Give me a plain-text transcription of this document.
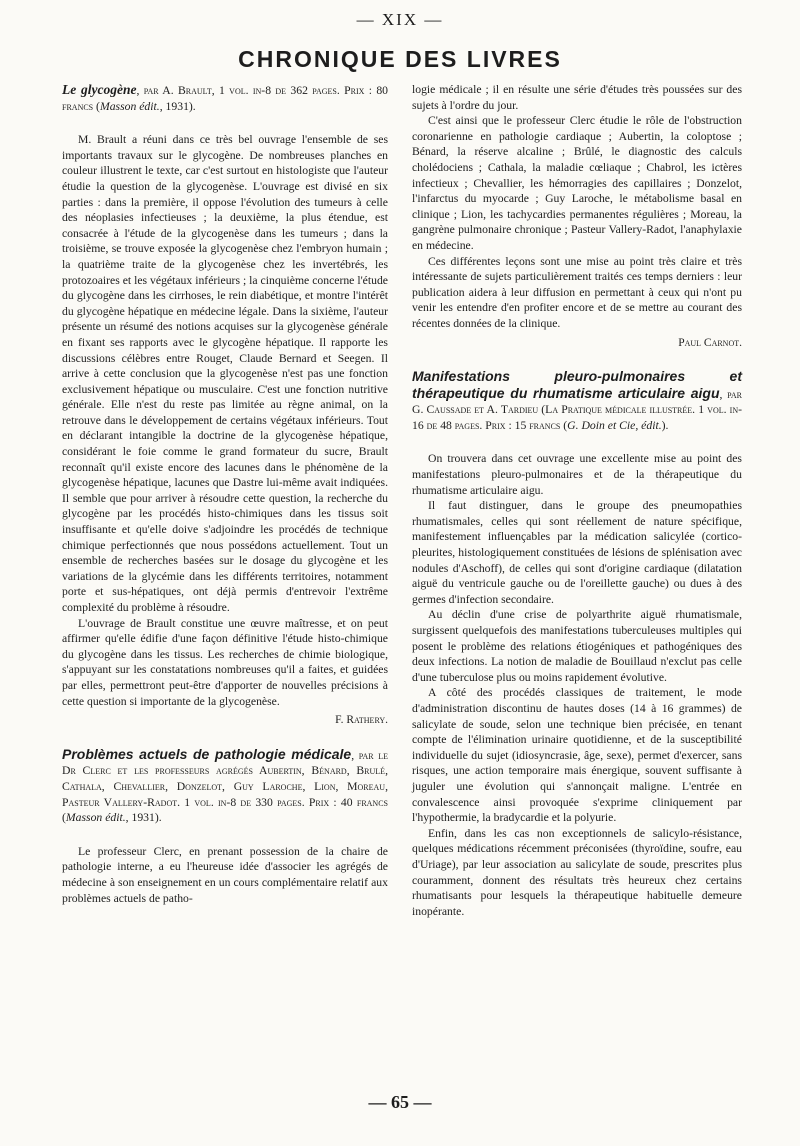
— XIX —
CHRONIQUE DES LIVRES
Le glycogène, par A. Brault, 1 vol. in-8 de 362 pages. Prix : 80 francs (Masson édit., 1931).

M. Brault a réuni dans ce très bel ouvrage l'ensemble de ses importants travaux sur le glycogène. De nombreuses planches en couleur illustrent le texte, car c'est surtout en histologiste que l'auteur étudie la question de la glycogenèse. L'ouvrage est divisé en six parties : dans la première, il oppose l'évolution des tumeurs à celle des néoplasies infectieuses ; la deuxième, la plus étendue, est consacrée à l'étude de la glycogenèse dans les tumeurs ; dans la troisième, se trouve exposée la glycogenèse chez l'embryon humain ; la quatrième traite de la glycogenèse chez les invertébrés, les protozoaires et les végétaux inférieurs ; la cinquième concerne l'étude du glycogène dans les cirrhoses, le rein diabétique, et montre l'intérêt du glycogène hépatique en médecine légale. Dans la sixième, l'auteur présente un résumé des notions acquises sur la glycogenèse générale en fixant ses rapports avec le glycogène hépatique. Il rapporte les discussions célèbres entre Rouget, Claude Bernard et Seegen. Il arrive à cette conclusion que la glycogenèse n'est pas une fonction exclusivement hépatique ou musculaire. C'est une fonction nutritive générale. Elle n'est du reste pas limitée au règne animal, on la retrouve dans le développement de certains végétaux inférieurs. Tout en déclarant intangible la doctrine de la glycogenèse hépatique, considérant le foie comme le grand formateur du sucre, Brault reconnaît qu'il existe encore des lacunes dans le phénomène de la glycogenèse hépatique, lacunes que Dastre lui-même avait indiquées. Il semble que pour arriver à résoudre cette question, la recherche du glycogène par les procédés histo-chimiques dans les tissus soit insuffisante et qu'elle doive s'adjoindre les procédés de technique chimique perfectionnés que nous possédons actuellement. Tout un ensemble de recherches basées sur le dosage du glycogène et les variations de la glycémie dans les différents territoires, notamment porte et sus-hépatiques, ont déjà permis d'entrevoir l'extrême complexité du problème à résoudre.

L'ouvrage de Brault constitue une œuvre maîtresse, et on peut affirmer qu'elle édifie d'une façon définitive l'étude histo-chimique du glycogène dans les tissus. Les recherches de chimie biologique, s'appuyant sur les constatations nombreuses qu'il a faites, et guidées par elles, permettront peut-être d'apporter de nouvelles précisions à cette question si importante de la glycogenèse.

F. Rathery.
Problèmes actuels de pathologie médicale, par le Dr Clerc et les professeurs agrégés Aubertin, Bénard, Brulé, Cathala, Chevallier, Donzelot, Guy Laroche, Lion, Moreau, Pasteur Vallery-Radot. 1 vol. in-8 de 330 pages. Prix : 40 francs (Masson édit., 1931).

Le professeur Clerc, en prenant possession de la chaire de pathologie interne, a eu l'heureuse idée d'associer les agrégés de médecine à son enseignement en un cours complémentaire relatif aux problèmes actuels de patho-

logie médicale ; il en résulte une série d'études très poussées sur des sujets à l'ordre du jour.

C'est ainsi que le professeur Clerc étudie le rôle de l'obstruction coronarienne en pathologie cardiaque ; Aubertin, la coloptose ; Bénard, la réserve alcaline ; Brûlé, le diagnostic des calculs cholédociens ; Cathala, la maladie cœliaque ; Chabrol, les ictères infectieux ; Chevallier, les hémorragies des capillaires ; Donzelot, l'infarctus du myocarde ; Guy Laroche, le métabolisme basal en clinique ; Lion, les tachycardies permanentes régulières ; Moreau, la gangrène pulmonaire chronique ; Pasteur Vallery-Radot, l'anaphylaxie en médecine.

Ces différentes leçons sont une mise au point très claire et très intéressante de sujets particulièrement traités ces temps derniers : leur publication aidera à leur diffusion en permettant à ceux qui n'ont pu venir les entendre d'en profiter encore et de se mettre au courant des récentes données de la clinique.

Paul Carnot.
Manifestations pleuro-pulmonaires et thérapeutique du rhumatisme articulaire aigu, par G. Caussade et A. Tardieu (La Pratique médicale illustrée. 1 vol. in-16 de 48 pages. Prix : 15 francs (G. Doin et Cie, édit.).

On trouvera dans cet ouvrage une excellente mise au point des manifestations pleuro-pulmonaires et de la thérapeutique du rhumatisme articulaire aigu.

Il faut distinguer, dans le groupe des pneumopathies rhumatismales, celles qui sont réellement de nature spécifique, manifestement influençables par la médication salicylée (cortico-pleurites, histologiquement constituées de lésions de splénisation avec nodules d'Aschoff), de celles qui sont d'origine cardiaque (dilatation aiguë du ventricule gauche ou de l'oreillette gauche) ou dues à des germes d'infection secondaire.

Au déclin d'une crise de polyarthrite aiguë rhumatismale, surgissent quelquefois des manifestations tuberculeuses multiples qui posent le problème des relations étiogéniques et pathogéniques des deux infections. La notion de maladie de Bouillaud n'exclut pas celle d'une tuberculose plus ou moins rapidement évolutive.

A côté des procédés classiques de traitement, le mode d'administration discontinu de hautes doses (14 à 16 grammes) de salicylate de soude, selon une technique bien précisée, en tenant compte de l'élimination urinaire quotidienne, et de la susceptibilité individuelle du sujet (idiosyncrasie, âge, sexe), permet d'exercer, sans risques, une action temporaire mais énergique, souvent suffisante à juguler une évolution qui s'annonçait maligne. L'entrée en convalescence ainsi provoquée s'exprime cliniquement par l'hypothermie, la bradycardie et la polyurie.

Enfin, dans les cas non exceptionnels de salicylo-résistance, quelques médications récemment préconisées (thyroïdine, soufre, eau d'Uriage), par leur association au salicylate de soude, prescrites plus couramment, donnent des résultats très heureux chez certains rhumatisants pour lesquels la thérapeutique habituelle demeure inopérante.

— 65 —
